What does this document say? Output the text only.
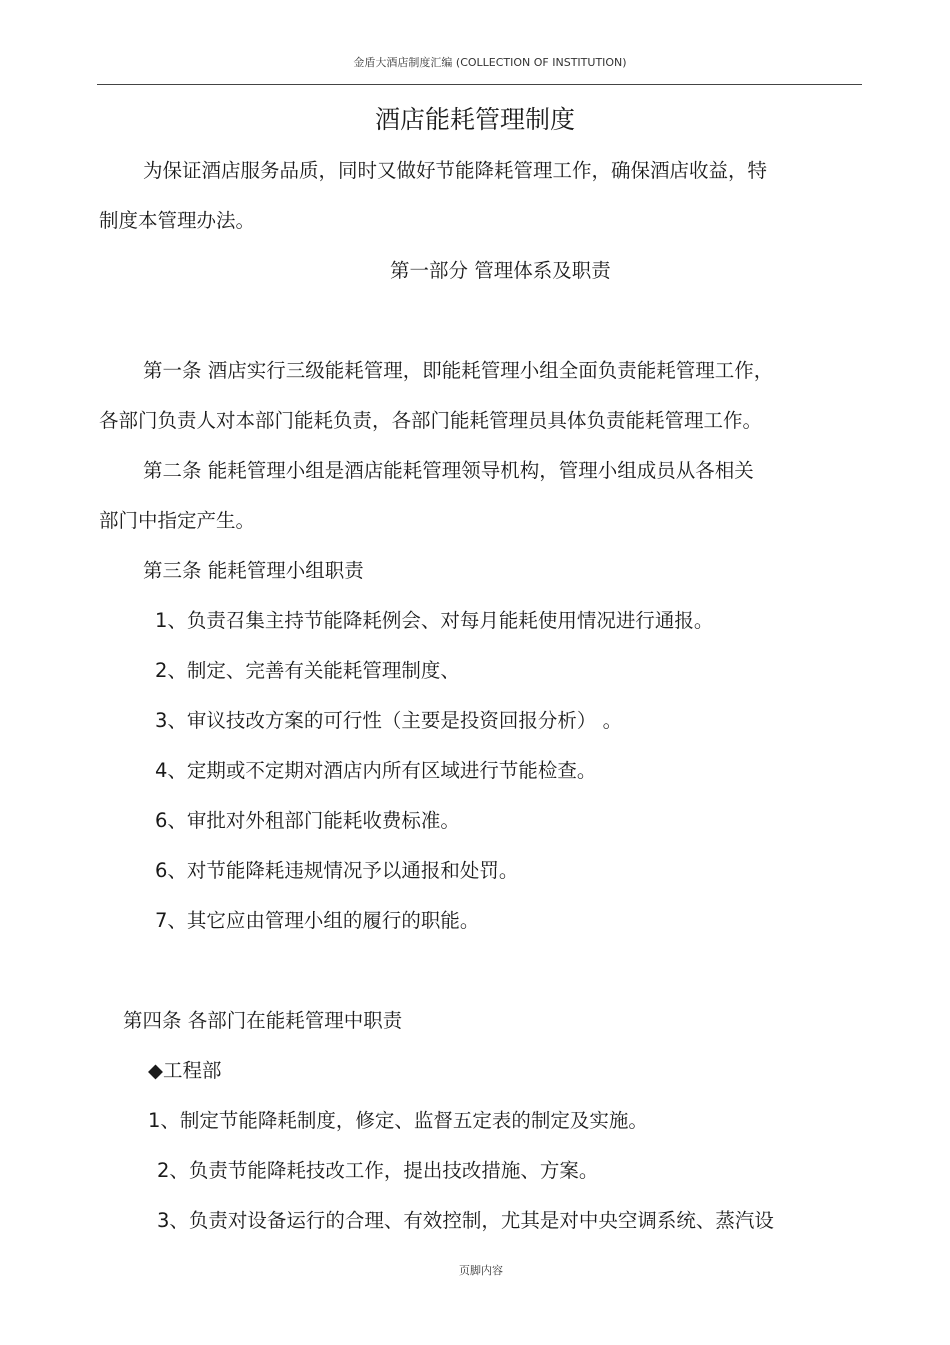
金盾大酒店制度汇编 (COLLECTION OF INSTITUTION)
酒店能耗管理制度
为保证酒店服务品质，同时又做好节能降耗管理工作，确保酒店收益，特
制度本管理办法。
第一部分 管理体系及职责
第一条 酒店实行三级能耗管理，即能耗管理小组全面负责能耗管理工作，
各部门负责人对本部门能耗负责，各部门能耗管理员具体负责能耗管理工作。
第二条 能耗管理小组是酒店能耗管理领导机构，管理小组成员从各相关
部门中指定产生。
第三条 能耗管理小组职责
1、负责召集主持节能降耗例会、对每月能耗使用情况进行通报。
2、制定、完善有关能耗管理制度、
3、审议技改方案的可行性（主要是投资回报分析） 。
4、定期或不定期对酒店内所有区域进行节能检查。
6、审批对外租部门能耗收费标准。
6、对节能降耗违规情况予以通报和处罚。
7、其它应由管理小组的履行的职能。
第四条 各部门在能耗管理中职责
◆工程部
1、制定节能降耗制度，修定、监督五定表的制定及实施。
2、负责节能降耗技改工作，提出技改措施、方案。
3、负责对设备运行的合理、有效控制，尤其是对中央空调系统、蒸汽设
页脚内容
